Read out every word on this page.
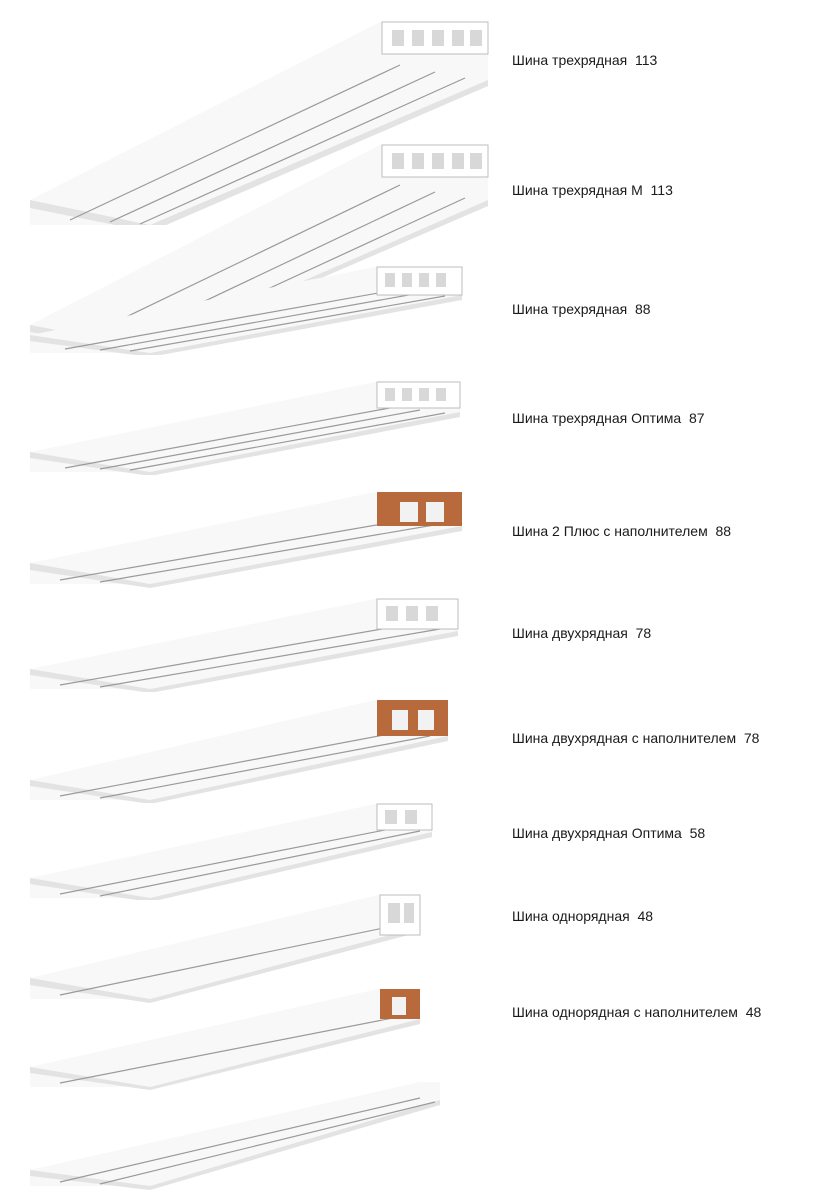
Шина трехрядная  113
Шина трехрядная М  113
Шина трехрядная  88
Шина трехрядная Оптима  87
Шина 2 Плюс с наполнителем  88
Шина двухрядная  78
Шина двухрядная с наполнителем  78
Шина двухрядная Оптима  58
Шина однорядная  48
Шина однорядная с наполнителем  48
